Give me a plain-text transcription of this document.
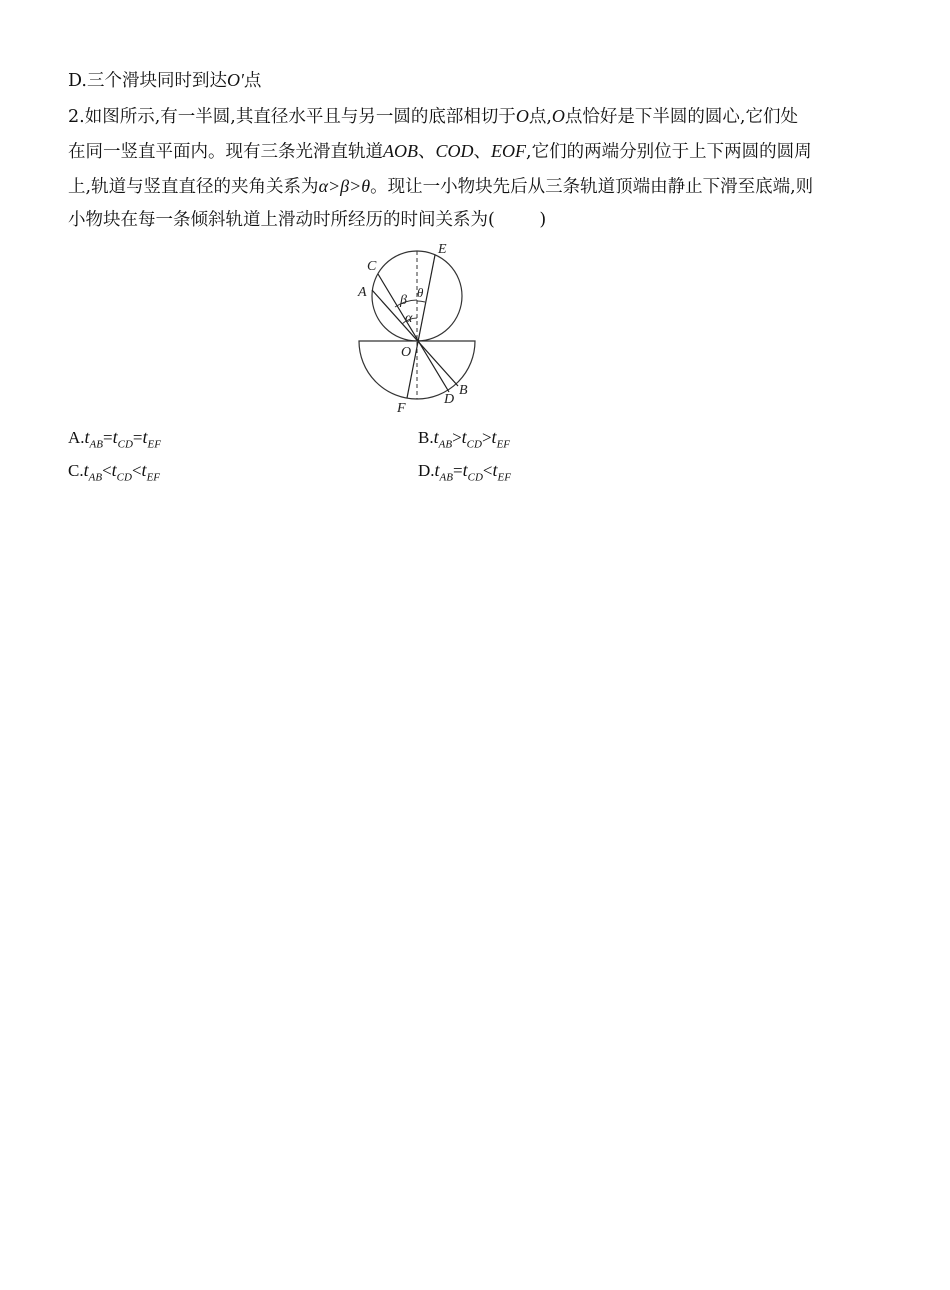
D.三个滑块同时到达O′点
2.如图所示,有一半圆,其直径水平且与另一圆的底部相切于O点,O点恰好是下半圆的圆心,它们处
在同一竖直平面内。现有三条光滑直轨道AOB、COD、EOF,它们的两端分别位于上下两圆的圆周
上,轨道与竖直直径的夹角关系为α>β>θ。现让一小物块先后从三条轨道顶端由静止下滑至底端,则
小物块在每一条倾斜轨道上滑动时所经历的时间关系为(	)
E
C
A
β
θ
α
O
B
D
F
$A.t_{AB}=t_{CD}=t_{EF}$	$B.t_{AB}>t_{CD}>t_{EF}$
$C.t_{AB}<t_{CD}<t_{EF}$	$D.t_{AB}=t_{CD}<t_{EF}$
